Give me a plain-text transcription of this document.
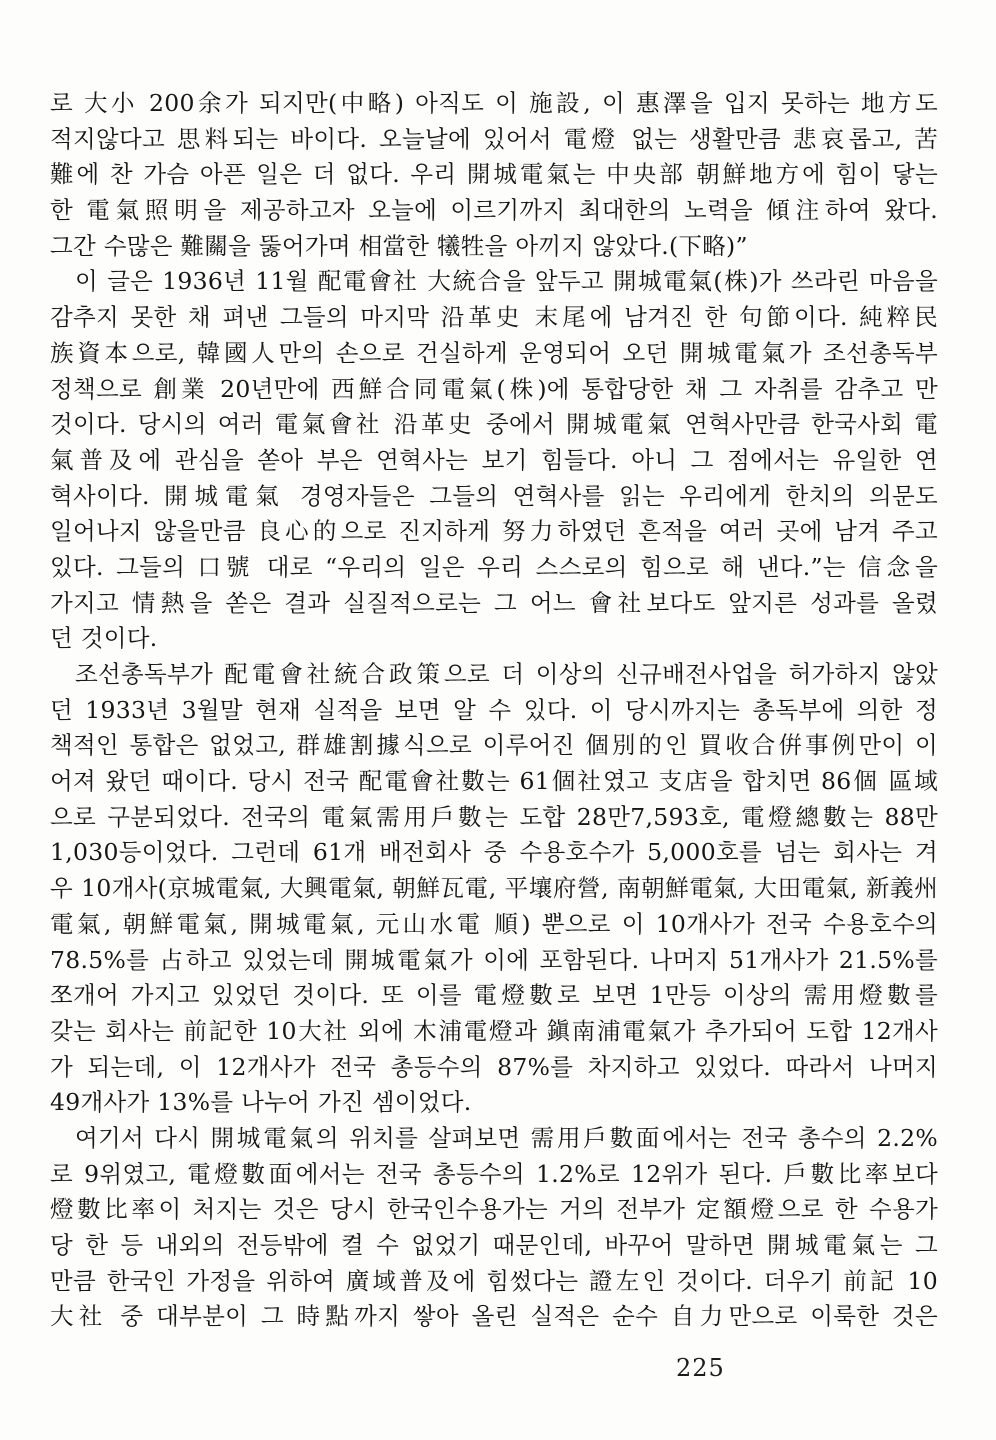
로 大小 200余가 되지만(中略) 아직도 이 施設, 이 惠澤을 입지 못하는 地方도
적지않다고 思料되는 바이다. 오늘날에 있어서 電燈 없는 생활만큼 悲哀롭고, 苦
難에 찬 가슴 아픈 일은 더 없다. 우리 開城電氣는 中央部 朝鮮地方에 힘이 닿는
한 電氣照明을 제공하고자 오늘에 이르기까지 최대한의 노력을 傾注하여 왔다.
그간 수많은 難關을 뚫어가며 相當한 犧牲을 아끼지 않았다.(下略)”
이 글은 1936년 11월 配電會社 大統合을 앞두고 開城電氣(株)가 쓰라린 마음을
감추지 못한 채 펴낸 그들의 마지막 沿革史 末尾에 남겨진 한 句節이다. 純粹民
族資本으로, 韓國人만의 손으로 건실하게 운영되어 오던 開城電氣가 조선총독부
정책으로 創業 20년만에 西鮮合同電氣(株)에 통합당한 채 그 자취를 감추고 만
것이다. 당시의 여러 電氣會社 沿革史 중에서 開城電氣 연혁사만큼 한국사회 電
氣普及에 관심을 쏟아 부은 연혁사는 보기 힘들다. 아니 그 점에서는 유일한 연
혁사이다. 開城電氣 경영자들은 그들의 연혁사를 읽는 우리에게 한치의 의문도
일어나지 않을만큼 良心的으로 진지하게 努力하였던 흔적을 여러 곳에 남겨 주고
있다. 그들의 口號 대로 “우리의 일은 우리 스스로의 힘으로 해 낸다.”는 信念을
가지고 情熱을 쏟은 결과 실질적으로는 그 어느 會社보다도 앞지른 성과를 올렸
던 것이다.
조선총독부가 配電會社統合政策으로 더 이상의 신규배전사업을 허가하지 않았
던 1933년 3월말 현재 실적을 보면 알 수 있다. 이 당시까지는 총독부에 의한 정
책적인 통합은 없었고, 群雄割據식으로 이루어진 個別的인 買收合倂事例만이 이
어져 왔던 때이다. 당시 전국 配電會社數는 61個社였고 支店을 합치면 86個 區域
으로 구분되었다. 전국의 電氣需用戶數는 도합 28만7,593호, 電燈總數는 88만
1,030등이었다. 그런데 61개 배전회사 중 수용호수가 5,000호를 넘는 회사는 겨
우 10개사(京城電氣, 大興電氣, 朝鮮瓦電, 平壤府營, 南朝鮮電氣, 大田電氣, 新義州
電氣, 朝鮮電氣, 開城電氣, 元山水電 順) 뿐으로 이 10개사가 전국 수용호수의
78.5%를 占하고 있었는데 開城電氣가 이에 포함된다. 나머지 51개사가 21.5%를
쪼개어 가지고 있었던 것이다. 또 이를 電燈數로 보면 1만등 이상의 需用燈數를
갖는 회사는 前記한 10大社 외에 木浦電燈과 鎭南浦電氣가 추가되어 도합 12개사
가 되는데, 이 12개사가 전국 총등수의 87%를 차지하고 있었다. 따라서 나머지
49개사가 13%를 나누어 가진 셈이었다.
여기서 다시 開城電氣의 위치를 살펴보면 需用戶數面에서는 전국 총수의 2.2%
로 9위였고, 電燈數面에서는 전국 총등수의 1.2%로 12위가 된다. 戶數比率보다
燈數比率이 처지는 것은 당시 한국인수용가는 거의 전부가 定額燈으로 한 수용가
당 한 등 내외의 전등밖에 켤 수 없었기 때문인데, 바꾸어 말하면 開城電氣는 그
만큼 한국인 가정을 위하여 廣域普及에 힘썼다는 證左인 것이다. 더우기 前記 10
大社 중 대부분이 그 時點까지 쌓아 올린 실적은 순수 自力만으로 이룩한 것은
225
